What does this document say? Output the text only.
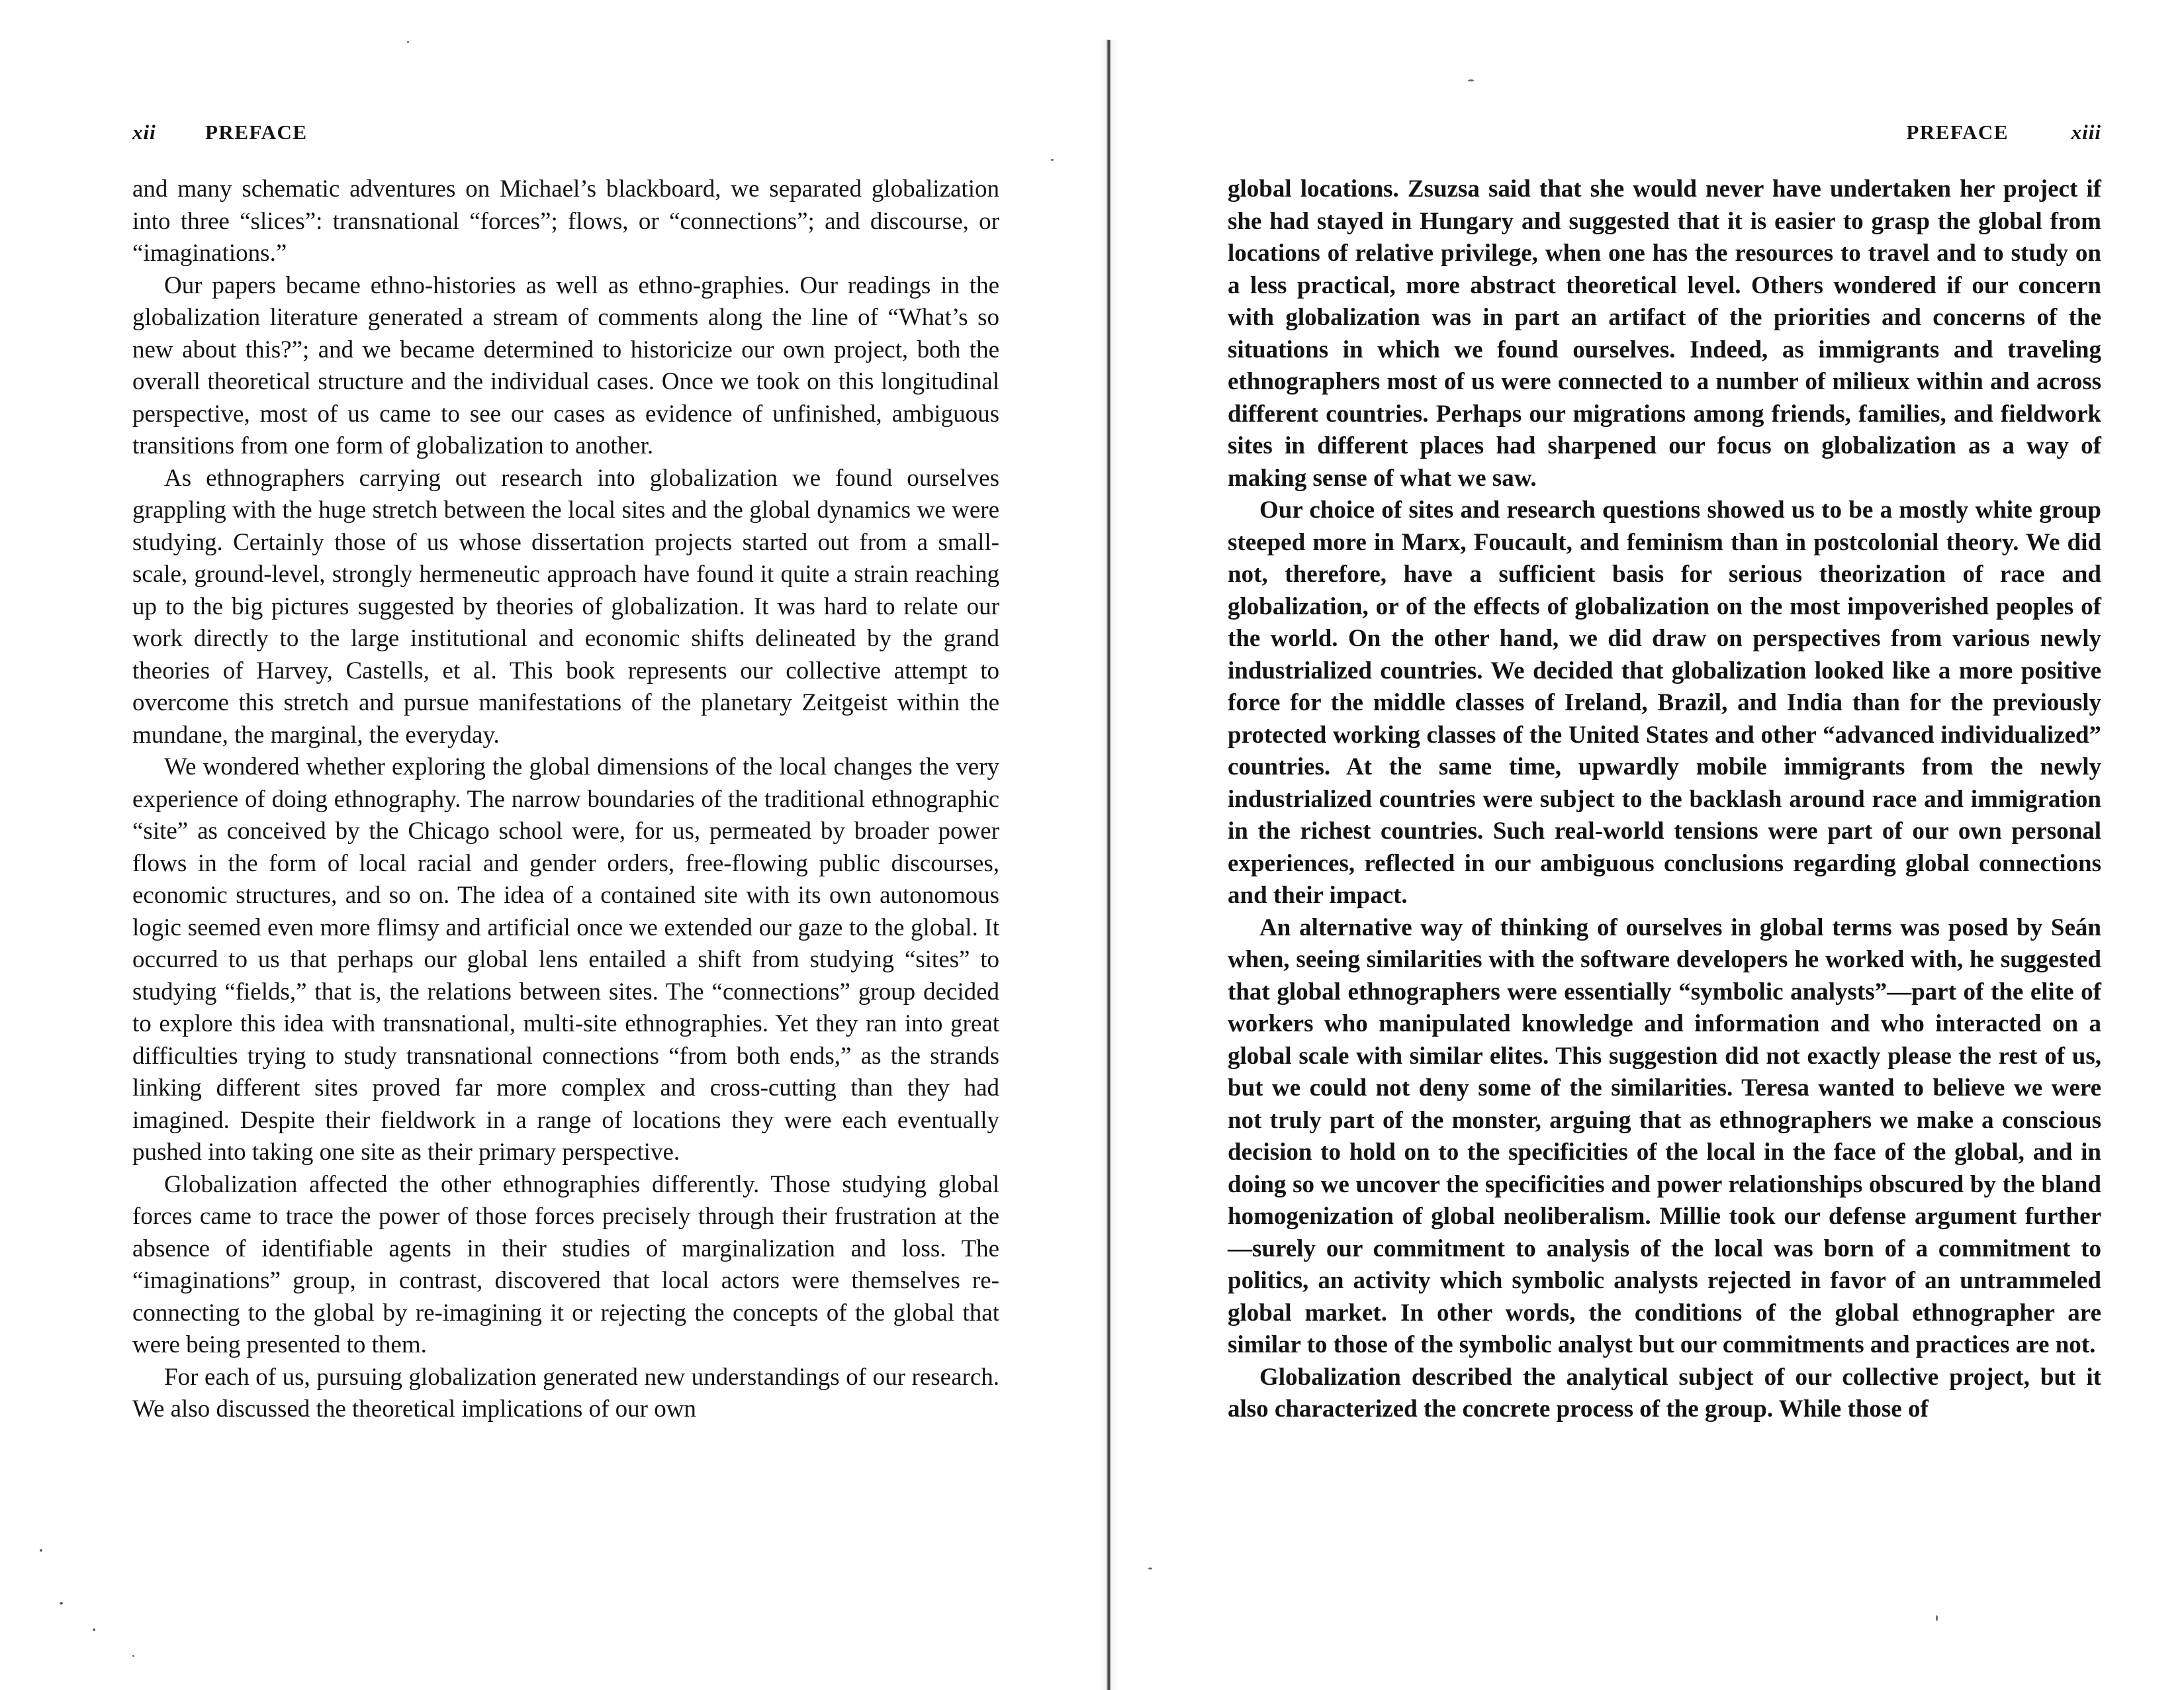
xii PREFACE

and many schematic adventures on Michael’s blackboard, we separated globalization into three “slices”: transnational “forces”; flows, or “connections”; and discourse, or “imaginations.”

Our papers became ethno-histories as well as ethno-graphies. Our readings in the globalization literature generated a stream of comments along the line of “What’s so new about this?”; and we became determined to historicize our own project, both the overall theoretical structure and the individual cases. Once we took on this longitudinal perspective, most of us came to see our cases as evidence of unfinished, ambiguous transitions from one form of globalization to another.

As ethnographers carrying out research into globalization we found ourselves grappling with the huge stretch between the local sites and the global dynamics we were studying. Certainly those of us whose dissertation projects started out from a small-scale, ground-level, strongly hermeneutic approach have found it quite a strain reaching up to the big pictures suggested by theories of globalization. It was hard to relate our work directly to the large institutional and economic shifts delineated by the grand theories of Harvey, Castells, et al. This book represents our collective attempt to overcome this stretch and pursue manifestations of the planetary Zeitgeist within the mundane, the marginal, the everyday.

We wondered whether exploring the global dimensions of the local changes the very experience of doing ethnography. The narrow boundaries of the traditional ethnographic “site” as conceived by the Chicago school were, for us, permeated by broader power flows in the form of local racial and gender orders, free-flowing public discourses, economic structures, and so on. The idea of a contained site with its own autonomous logic seemed even more flimsy and artificial once we extended our gaze to the global. It occurred to us that perhaps our global lens entailed a shift from studying “sites” to studying “fields,” that is, the relations between sites. The “connections” group decided to explore this idea with transnational, multi-site ethnographies. Yet they ran into great difficulties trying to study transnational connections “from both ends,” as the strands linking different sites proved far more complex and cross-cutting than they had imagined. Despite their fieldwork in a range of locations they were each eventually pushed into taking one site as their primary perspective.

Globalization affected the other ethnographies differently. Those studying global forces came to trace the power of those forces precisely through their frustration at the absence of identifiable agents in their studies of marginalization and loss. The “imaginations” group, in contrast, discovered that local actors were themselves re-connecting to the global by re-imagining it or rejecting the concepts of the global that were being presented to them.

For each of us, pursuing globalization generated new understandings of our research. We also discussed the theoretical implications of our own

PREFACE	xiii

global locations. Zsuzsa said that she would never have undertaken her project if she had stayed in Hungary and suggested that it is easier to grasp the global from locations of relative privilege, when one has the resources to travel and to study on a less practical, more abstract theoretical level. Others wondered if our concern with globalization was in part an artifact of the priorities and concerns of the situations in which we found ourselves. Indeed, as immigrants and traveling ethnographers most of us were connected to a number of milieux within and across different countries. Perhaps our migrations among friends, families, and fieldwork sites in different places had sharpened our focus on globalization as a way of making sense of what we saw.

Our choice of sites and research questions showed us to be a mostly white group steeped more in Marx, Foucault, and feminism than in postcolonial theory. We did not, therefore, have a sufficient basis for serious theorization of race and globalization, or of the effects of globalization on the most impoverished peoples of the world. On the other hand, we did draw on perspectives from various newly industrialized countries. We decided that globalization looked like a more positive force for the middle classes of Ireland, Brazil, and India than for the previously protected working classes of the United States and other “advanced individualized” countries. At the same time, upwardly mobile immigrants from the newly industrialized countries were subject to the backlash around race and immigration in the richest countries. Such real-world tensions were part of our own personal experiences, reflected in our ambiguous conclusions regarding global connections and their impact.

An alternative way of thinking of ourselves in global terms was posed by Seán when, seeing similarities with the software developers he worked with, he suggested that global ethnographers were essentially “symbolic analysts”—part of the elite of workers who manipulated knowledge and information and who interacted on a global scale with similar elites. This suggestion did not exactly please the rest of us, but we could not deny some of the similarities. Teresa wanted to believe we were not truly part of the monster, arguing that as ethnographers we make a conscious decision to hold on to the specificities of the local in the face of the global, and in doing so we uncover the specificities and power relationships obscured by the bland homogenization of global neoliberalism. Millie took our defense argument further—surely our commitment to analysis of the local was born of a commitment to politics, an activity which symbolic analysts rejected in favor of an untrammeled global market. In other words, the conditions of the global ethnographer are similar to those of the symbolic analyst but our commitments and practices are not.

Globalization described the analytical subject of our collective project, but it also characterized the concrete process of the group. While those of
